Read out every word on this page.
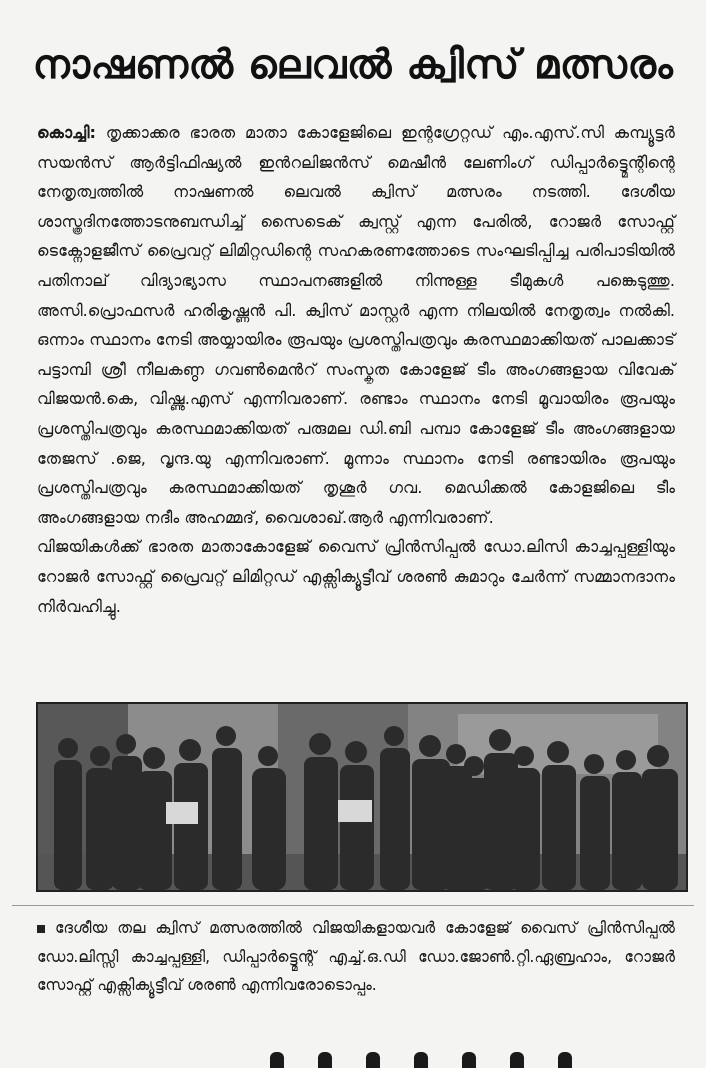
നാഷണൽ ലെവൽ ക്വിസ് മത്സരം

കൊച്ചി: തൃക്കാക്കര ഭാരത മാതാ കോളേജിലെ ഇന്റഗ്രേറ്റഡ് എം.എസ്.സി കമ്പ്യൂട്ടർ സയൻസ് ആർട്ടിഫിഷ്യൽ ഇൻറലിജൻസ് മെഷീൻ ലേണിംഗ് ഡിപ്പാർട്ട്മെന്റിന്റെ നേതൃത്വത്തിൽ നാഷണൽ ലെവൽ ക്വിസ് മത്സരം നടത്തി. ദേശീയ ശാസ്ത്രദിനത്തോടനുബന്ധിച്ച് സൈടെക് ക്വസ്റ്റ് എന്ന പേരിൽ, റോജർ സോഫ്റ്റ് ടെക്നോളജീസ് പ്രൈവറ്റ് ലിമിറ്റഡിന്റെ സഹകരണത്തോടെ സംഘടിപ്പിച്ച പരിപാടിയിൽ പതിനാല് വിദ്യാഭ്യാസ സ്ഥാപനങ്ങളിൽ നിന്നുള്ള ടീമുകൾ പങ്കെടുത്തു. അസി.പ്രൊഫസർ ഹരികൃഷ്ണൻ പി. ക്വിസ് മാസ്റ്റർ എന്ന നിലയിൽ നേതൃത്വം നൽകി. ഒന്നാം സ്ഥാനം നേടി അയ്യായിരം രൂപയും പ്രശസ്തിപത്രവും കരസ്ഥമാക്കിയത് പാലക്കാട് പട്ടാമ്പി ശ്രീ നീലകണ്ഠ ഗവൺമെൻറ് സംസ്കൃത കോളേജ് ടീം അംഗങ്ങളായ വിവേക് വിജയൻ.കെ, വിഷ്ണു.എസ് എന്നിവരാണ്. രണ്ടാം സ്ഥാനം നേടി മൂവായിരം രൂപയും പ്രശസ്തിപത്രവും കരസ്ഥമാക്കിയത് പരുമല ഡി.ബി പമ്പാ കോളേജ് ടീം അംഗങ്ങളായ തേജസ് .ജെ, വൃന്ദ.യു എന്നിവരാണ്. മൂന്നാം സ്ഥാനം നേടി രണ്ടായിരം രൂപയും പ്രശസ്തിപത്രവും കരസ്ഥമാക്കിയത് തൃശൂർ ഗവ. മെഡിക്കൽ കോളജിലെ ടീം അംഗങ്ങളായ നദീം അഹമ്മദ്, വൈശാഖ്.ആർ എന്നിവരാണ്.

വിജയികൾക്ക് ഭാരത മാതാകോളേജ് വൈസ് പ്രിൻസിപ്പൽ ഡോ.ലിസി കാച്ചപ്പള്ളിയും റോജർ സോഫ്റ്റ് പ്രൈവറ്റ് ലിമിറ്റഡ് എക്സിക്യൂട്ടീവ് ശരൺ കുമാറും ചേർന്ന് സമ്മാനദാനം നിർവഹിച്ചു.

ദേശീയ തല ക്വിസ് മത്സരത്തിൽ വിജയികളായവർ കോളേജ് വൈസ് പ്രിൻസിപ്പൽ ഡോ.ലിസ്സി കാച്ചപ്പള്ളി, ഡിപ്പാർട്ട്മെന്റ് എച്ച്.ഒ.ഡി ഡോ.ജോൺ.റ്റി.ഏബ്രഹാം, റോജർ സോഫ്റ്റ് എക്സിക്യൂട്ടീവ് ശരൺ എന്നിവരോടൊപ്പം.
